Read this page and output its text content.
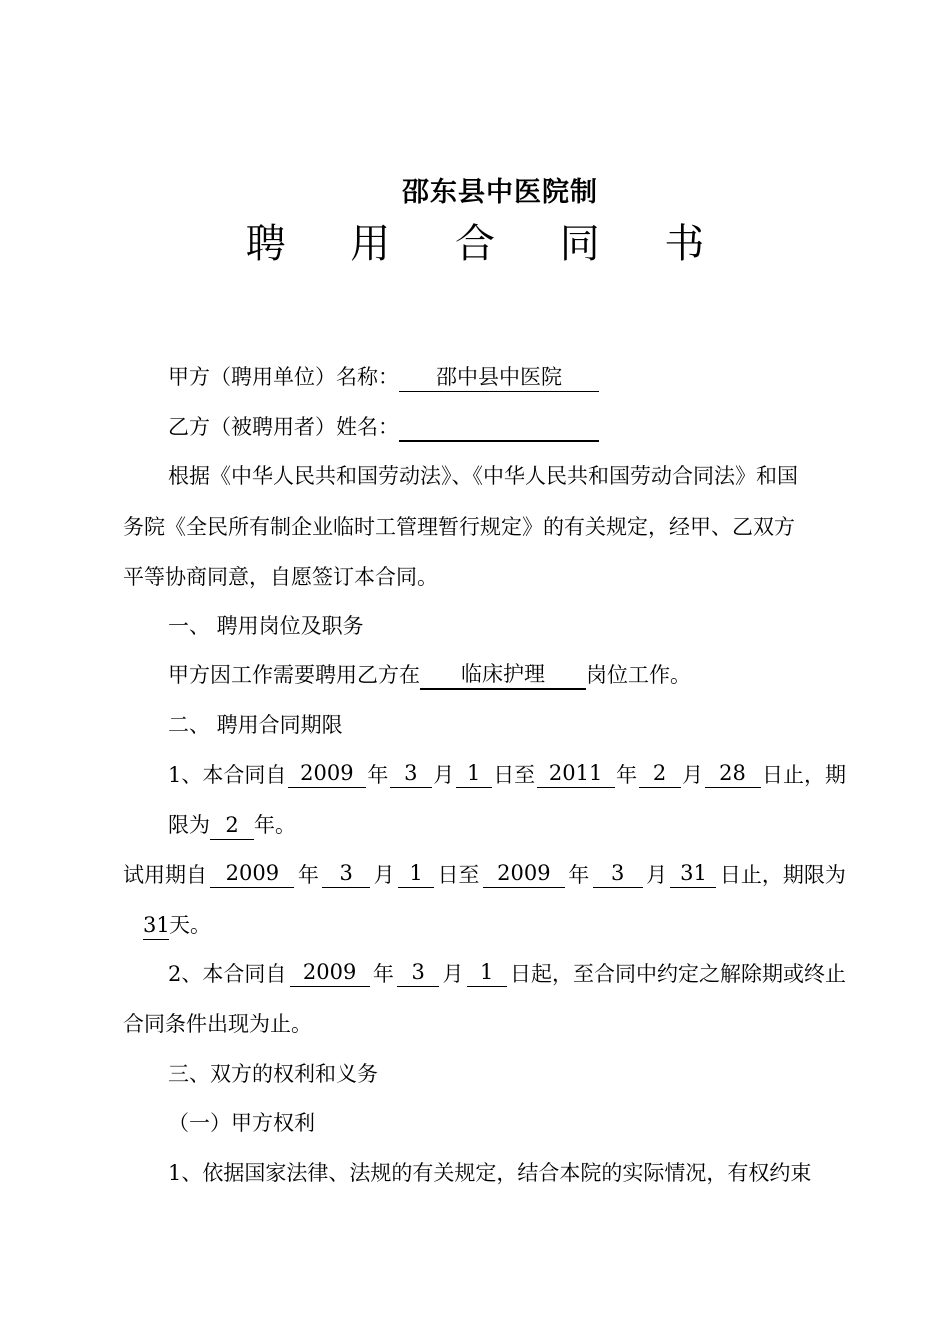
邵东县中医院制
聘 用 合 同 书
甲方（聘用单位）名称： 邵中县中医院
乙方（被聘用者）姓名：
根据《中华人民共和国劳动法》、《中华人民共和国劳动合同法》和国
务院《全民所有制企业临时工管理暂行规定》的有关规定，经甲、乙双方
平等协商同意，自愿签订本合同。
一、 聘用岗位及职务
甲方因工作需要聘用乙方在 临床护理 岗位工作。
二、 聘用合同期限
1、本合同自 2009 年 3 月 1 日至 2011 年 2 月 28 日止，期
限为 2 年。
试用期自 2009 年 3 月 1 日至 2009 年	3	月 31 日止，期限为
31天。
2、本合同自 2009 年 3 月 1 日起，至合同中约定之解除期或终止
合同条件出现为止。
三、双方的权利和义务
（一）甲方权利
1、依据国家法律、法规的有关规定，结合本院的实际情况，有权约束
